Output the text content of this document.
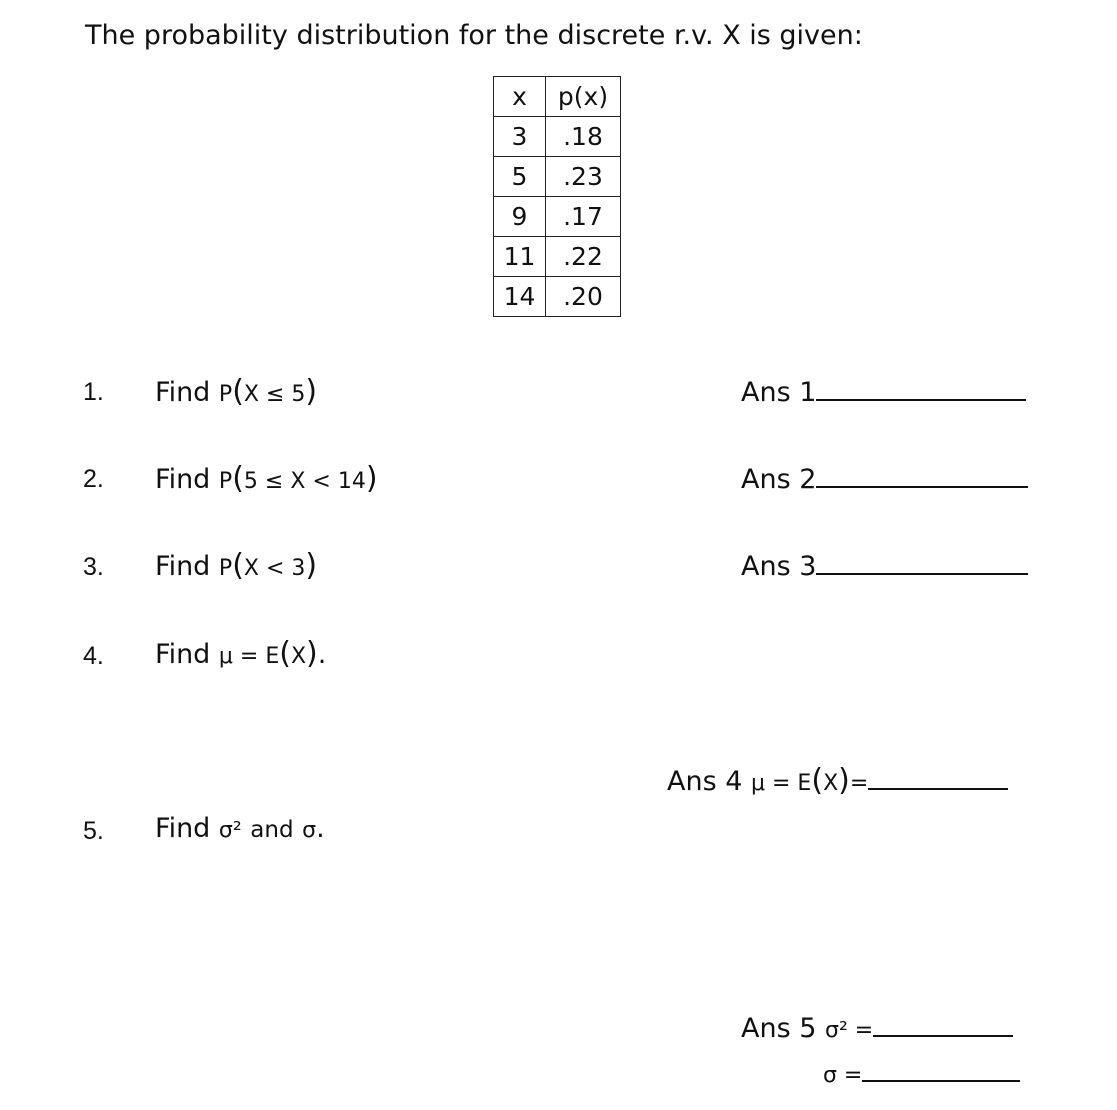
The probability distribution for the discrete r.v. X is given:
x	p(x)
3	.18
5	.23
9	.17
11	.22
14	.20
1. Find P(X ≤ 5)	Ans 1
2. Find P(5 ≤ X < 14)	Ans 2
3. Find P(X < 3)	Ans 3
4. Find μ = E(X).
Ans 4 μ = E(X)=
5. Find σ² and σ.
Ans 5 σ² =
σ =
